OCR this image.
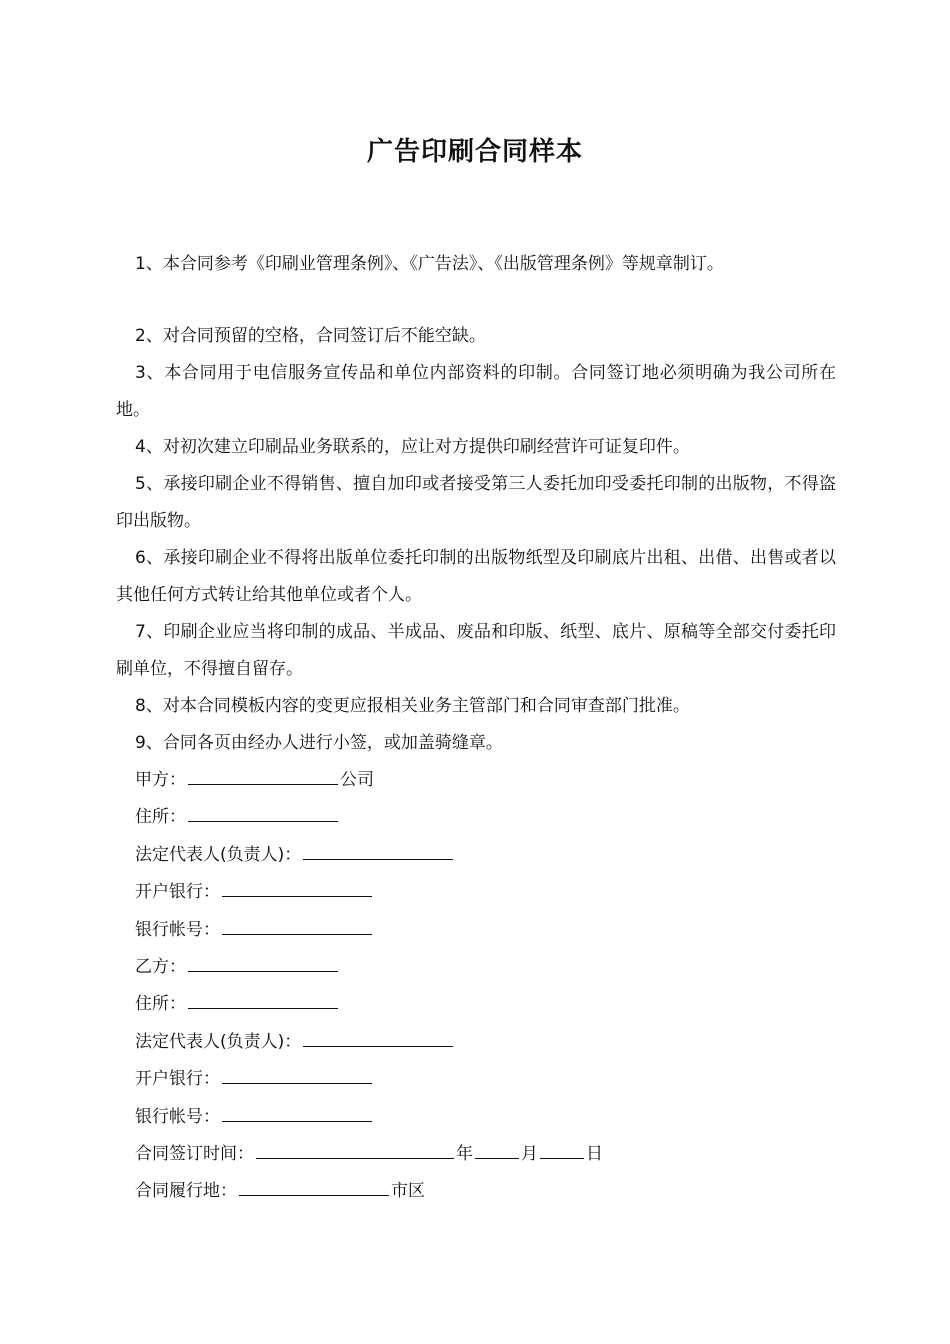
广告印刷合同样本

1、本合同参考《印刷业管理条例》、《广告法》、《出版管理条例》等规章制订。

2、对合同预留的空格，合同签订后不能空缺。

3、本合同用于电信服务宣传品和单位内部资料的印制。合同签订地必须明确为我公司所在地。

4、对初次建立印刷品业务联系的，应让对方提供印刷经营许可证复印件。

5、承接印刷企业不得销售、擅自加印或者接受第三人委托加印受委托印制的出版物，不得盗印出版物。

6、承接印刷企业不得将出版单位委托印制的出版物纸型及印刷底片出租、出借、出售或者以其他任何方式转让给其他单位或者个人。

7、印刷企业应当将印制的成品、半成品、废品和印版、纸型、底片、原稿等全部交付委托印刷单位，不得擅自留存。

8、对本合同模板内容的变更应报相关业务主管部门和合同审查部门批准。

9、合同各页由经办人进行小签，或加盖骑缝章。

甲方：	公司
住所：
法定代表人(负责人)：
开户银行：
银行帐号：
乙方：
住所：
法定代表人(负责人)：
开户银行：
银行帐号：
合同签订时间：	年	月	日
合同履行地：	市区
